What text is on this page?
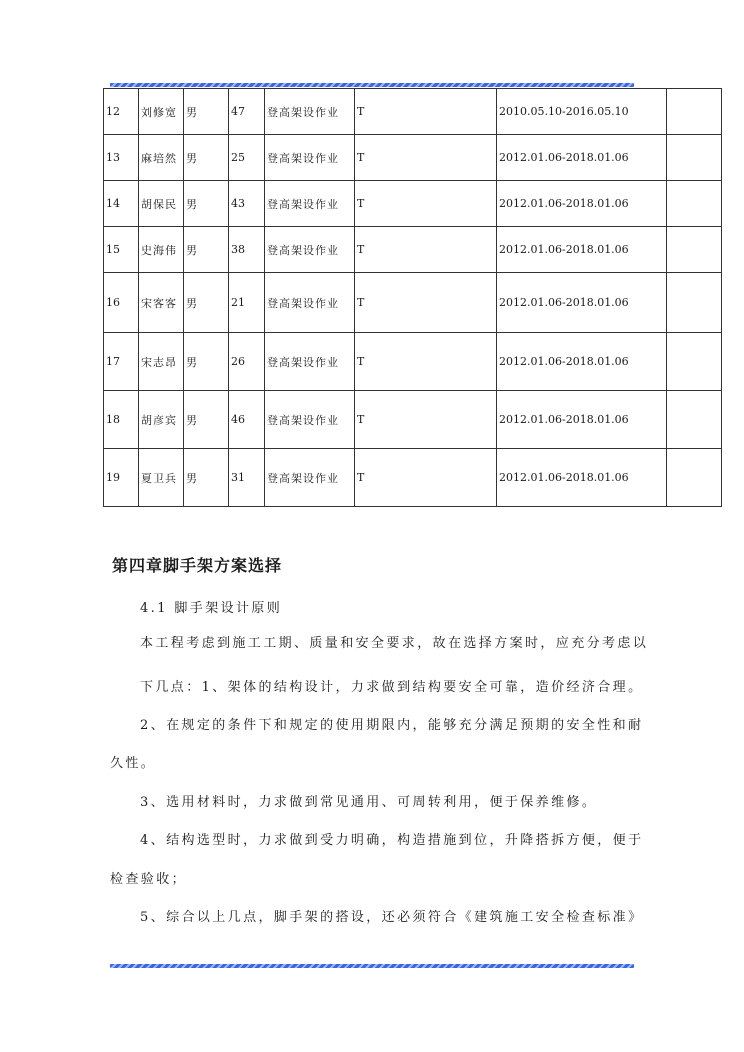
12	刘修宽	男	47	登高架设作业	T	2010.05.10-2016.05.10	
13	麻培然	男	25	登高架设作业	T	2012.01.06-2018.01.06	
14	胡保民	男	43	登高架设作业	T	2012.01.06-2018.01.06	
15	史海伟	男	38	登高架设作业	T	2012.01.06-2018.01.06	
16	宋客客	男	21	登高架设作业	T	2012.01.06-2018.01.06	
17	宋志昂	男	26	登高架设作业	T	2012.01.06-2018.01.06	
18	胡彦宾	男	46	登高架设作业	T	2012.01.06-2018.01.06	
19	夏卫兵	男	31	登高架设作业	T	2012.01.06-2018.01.06	
第四章脚手架方案选择

4.1 脚手架设计原则

本工程考虑到施工工期、质量和安全要求，故在选择方案时，应充分考虑以

下几点：1、架体的结构设计，力求做到结构要安全可靠，造价经济合理。

2、在规定的条件下和规定的使用期限内，能够充分满足预期的安全性和耐

久性。

3、选用材料时，力求做到常见通用、可周转利用，便于保养维修。

4、结构选型时，力求做到受力明确，构造措施到位，升降搭拆方便，便于

检查验收；

5、综合以上几点，脚手架的搭设，还必须符合《建筑施工安全检查标准》
